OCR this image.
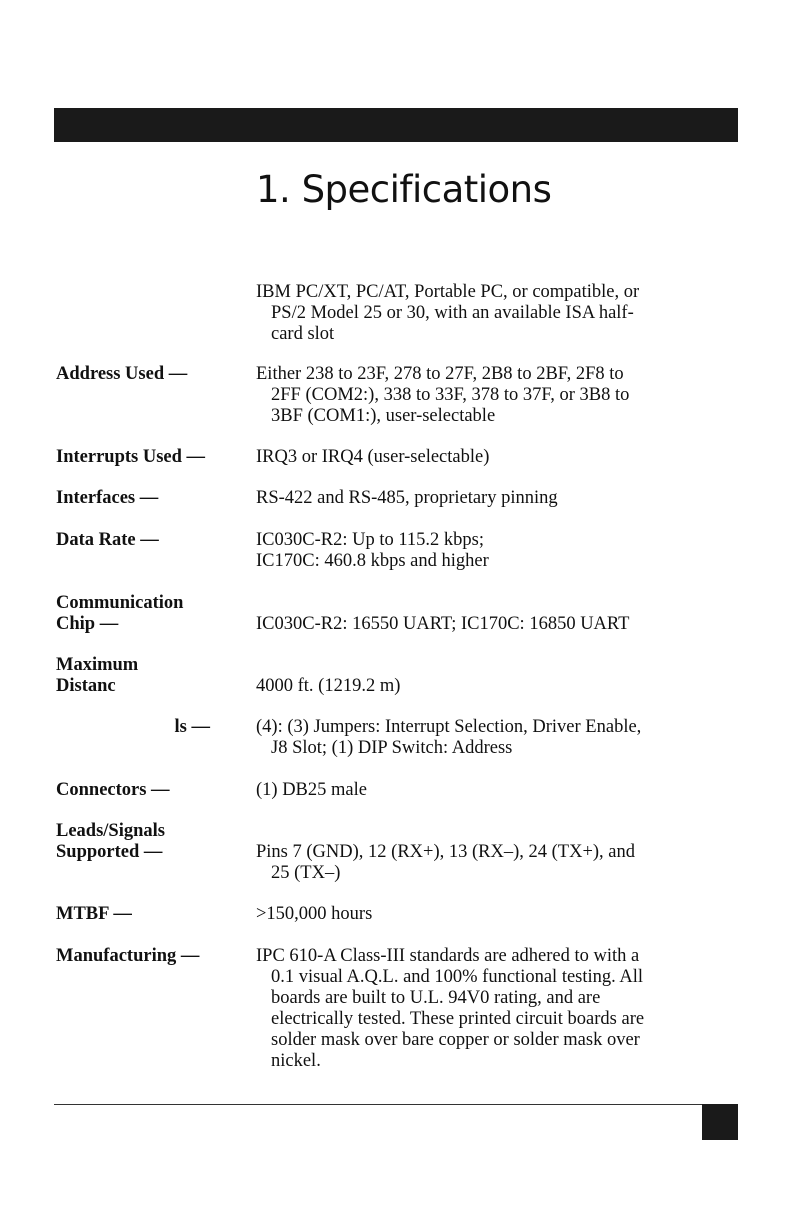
1. Specifications
IBM PC/XT, PC/AT, Portable PC, or compatible, or
PS/2 Model 25 or 30, with an available ISA half-
card slot
Address Used —	Either 238 to 23F, 278 to 27F, 2B8 to 2BF, 2F8 to
2FF (COM2:), 338 to 33F, 378 to 37F, or 3B8 to
3BF (COM1:), user-selectable
Interrupts Used —	IRQ3 or IRQ4 (user-selectable)
Interfaces —	RS-422 and RS-485, proprietary pinning
Data Rate —	IC030C-R2: Up to 115.2 kbps;
IC170C: 460.8 kbps and higher
Communication
Chip —	IC030C-R2: 16550 UART; IC170C: 16850 UART
Maximum
Distanc	4000 ft. (1219.2 m)
ls — (4): (3) Jumpers: Interrupt Selection, Driver Enable,
J8 Slot; (1) DIP Switch: Address
Connectors —	(1) DB25 male
Leads/Signals
Supported —	Pins 7 (GND), 12 (RX+), 13 (RX–), 24 (TX+), and
25 (TX–)
MTBF —	>150,000 hours
Manufacturing —	IPC 610-A Class-III standards are adhered to with a
0.1 visual A.Q.L. and 100% functional testing. All
boards are built to U.L. 94V0 rating, and are
electrically tested. These printed circuit boards are
solder mask over bare copper or solder mask over
nickel.
